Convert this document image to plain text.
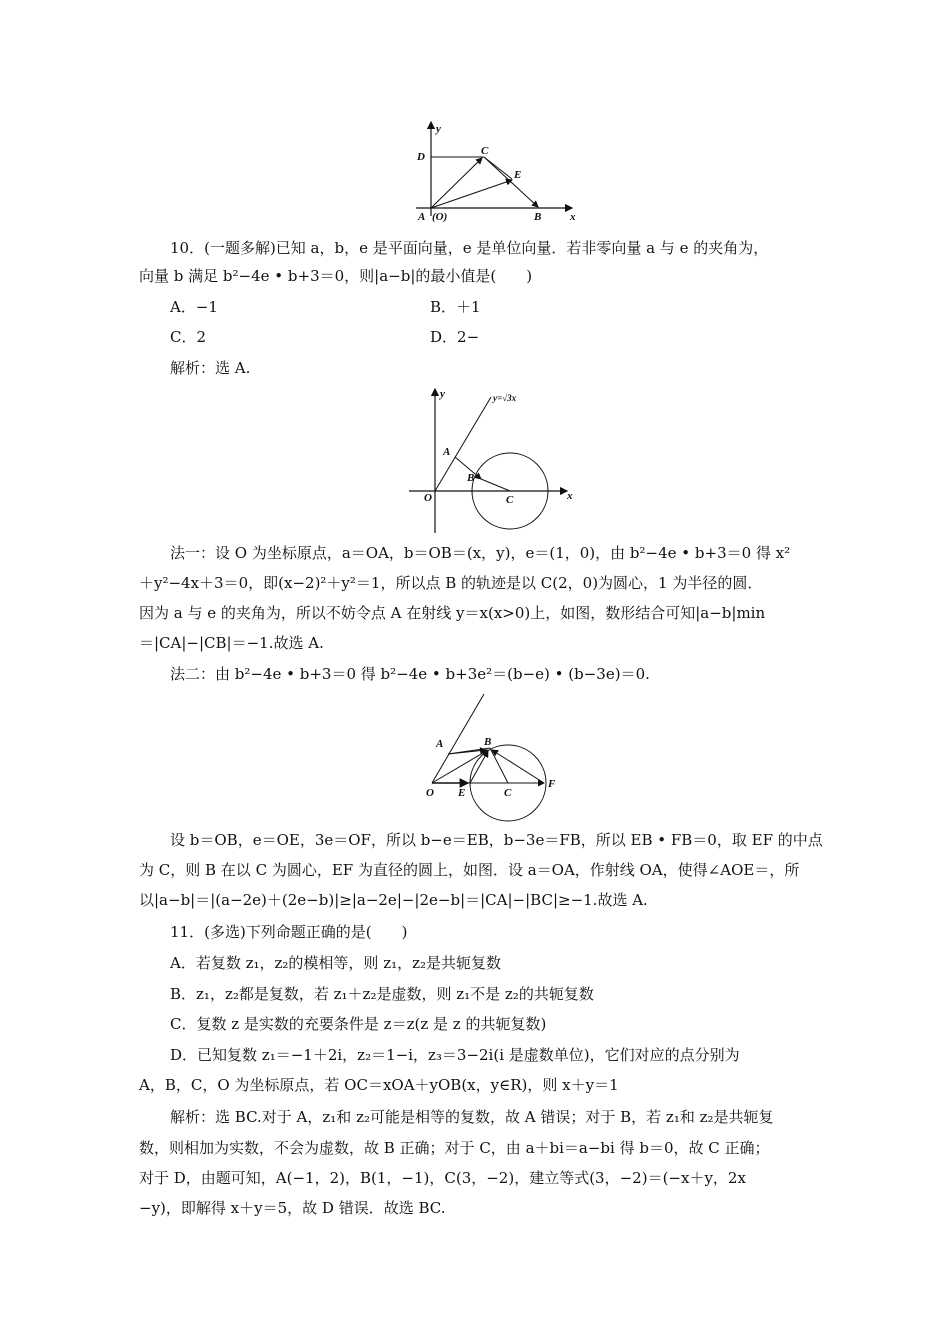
y
x
D	C
E
A (O)	B
10．(一题多解)已知 a，b，e 是平面向量，e 是单位向量．若非零向量 a 与 e 的夹角为，
向量 b 满足 b²−4e • b+3＝0，则|a−b|的最小值是(　　)
A．−1	B．＋1
C．2	D．2−
解析：选 A.
y	y=√3x
A
B
O	C	x
法一：设 O 为坐标原点，a＝OA，b＝OB＝(x，y)，e＝(1，0)，由 b²−4e • b+3＝0 得 x²
＋y²−4x＋3＝0，即(x−2)²＋y²＝1，所以点 B 的轨迹是以 C(2，0)为圆心，1 为半径的圆．
因为 a 与 e 的夹角为，所以不妨令点 A 在射线 y＝x(x>0)上，如图，数形结合可知|a−b|min
＝|CA|−|CB|＝−1.故选 A.
法二：由 b²−4e • b+3＝0 得 b²−4e • b+3e²＝(b−e) • (b−3e)＝0.
A	B
O E	C
F
设 b＝OB，e＝OE，3e＝OF，所以 b−e＝EB，b−3e＝FB，所以 EB • FB＝0，取 EF 的中点
为 C，则 B 在以 C 为圆心，EF 为直径的圆上，如图．设 a＝OA，作射线 OA，使得∠AOE＝，所
以|a−b|＝|(a−2e)＋(2e−b)|≥|a−2e|−|2e−b|＝|CA|−|BC|≥−1.故选 A.
11．(多选)下列命题正确的是(　　)
A．若复数 z₁，z₂的模相等，则 z₁，z₂是共轭复数
B．z₁，z₂都是复数，若 z₁＋z₂是虚数，则 z₁不是 z₂的共轭复数
C．复数 z 是实数的充要条件是 z＝z(z 是 z 的共轭复数)
D．已知复数 z₁＝−1＋2i，z₂＝1−i，z₃＝3−2i(i 是虚数单位)，它们对应的点分别为
A，B，C，O 为坐标原点，若 OC＝xOA＋yOB(x，y∈R)，则 x＋y＝1
解析：选 BC.对于 A，z₁和 z₂可能是相等的复数，故 A 错误；对于 B，若 z₁和 z₂是共轭复
数，则相加为实数，不会为虚数，故 B 正确；对于 C，由 a＋bi＝a−bi 得 b＝0，故 C 正确；
对于 D，由题可知，A(−1，2)，B(1，−1)，C(3，−2)，建立等式(3，−2)＝(−x＋y，2x
−y)，即解得 x＋y＝5，故 D 错误．故选 BC.
